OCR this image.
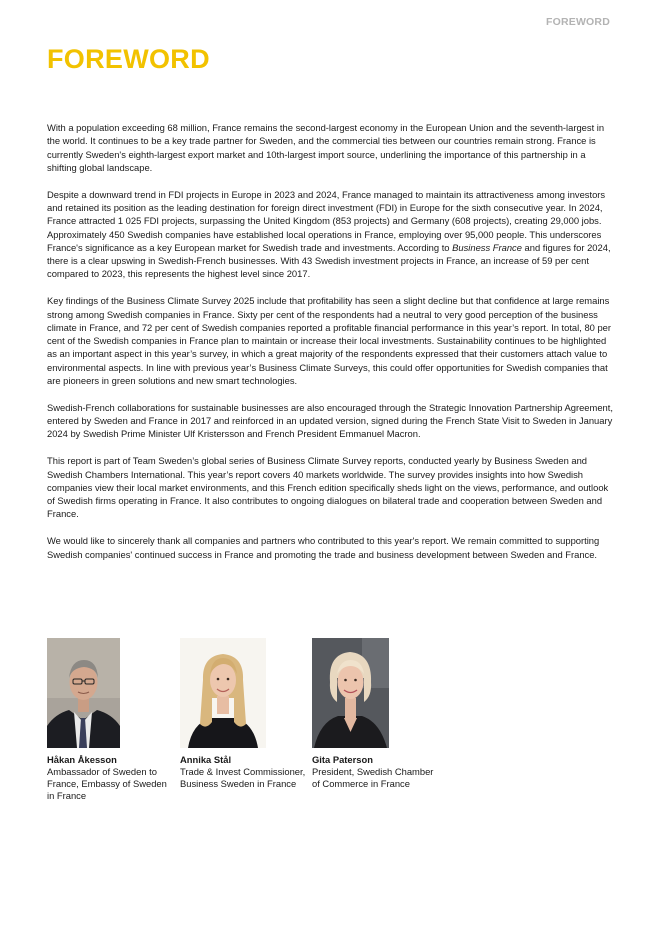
FOREWORD
FOREWORD

With a population exceeding 68 million, France remains the second-largest economy in the European Union and the seventh-largest in the world. It continues to be a key trade partner for Sweden, and the commercial ties between our countries remain strong. France is currently Sweden's eighth-largest export market and 10th-largest import source, underlining the importance of this partnership in a shifting global landscape.

Despite a downward trend in FDI projects in Europe in 2023 and 2024, France managed to maintain its attractiveness among investors and retained its position as the leading destination for foreign direct investment (FDI) in Europe for the sixth consecutive year. In 2024, France attracted 1 025 FDI projects, surpassing the United Kingdom (853 projects) and Germany (608 projects), creating 29,000 jobs. Approximately 450 Swedish companies have established local operations in France, employing over 95,000 people. This underscores France's significance as a key European market for Swedish trade and investments. According to Business France and figures for 2024, there is a clear upswing in Swedish-French businesses. With 43 Swedish investment projects in France, an increase of 59 per cent compared to 2023, this represents the highest level since 2017.

Key findings of the Business Climate Survey 2025 include that profitability has seen a slight decline but that confidence at large remains strong among Swedish companies in France. Sixty per cent of the respondents had a neutral to very good perception of the business climate in France, and 72 per cent of Swedish companies reported a profitable financial performance in this year’s report. In total, 80 per cent of the Swedish companies in France plan to maintain or increase their local investments. Sustainability continues to be highlighted as an important aspect in this year’s survey, in which a great majority of the respondents expressed that their customers attach value to environmental aspects. In line with previous year’s Business Climate Surveys, this could offer opportunities for Swedish companies that are pioneers in green solutions and new smart technologies.

Swedish-French collaborations for sustainable businesses are also encouraged through the Strategic Innovation Partnership Agreement, entered by Sweden and France in 2017 and reinforced in an updated version, signed during the French State Visit to Sweden in January 2024 by Swedish Prime Minister Ulf Kristersson and French President Emmanuel Macron.

This report is part of Team Sweden’s global series of Business Climate Survey reports, conducted yearly by Business Sweden and Swedish Chambers International. This year’s report covers 40 markets worldwide. The survey provides insights into how Swedish companies view their local market environments, and this French edition specifically sheds light on the views, performance, and outlook of Swedish firms operating in France. It also contributes to ongoing dialogues on bilateral trade and cooperation between Sweden and France.

We would like to sincerely thank all companies and partners who contributed to this year's report. We remain committed to supporting Swedish companies' continued success in France and promoting the trade and business development between Sweden and France.

Håkan Åkesson
Ambassador of Sweden to France, Embassy of Sweden in France
Annika Stål
Trade & Invest Commissioner, Business Sweden in France
Gita Paterson
President, Swedish Chamber of Commerce in France
